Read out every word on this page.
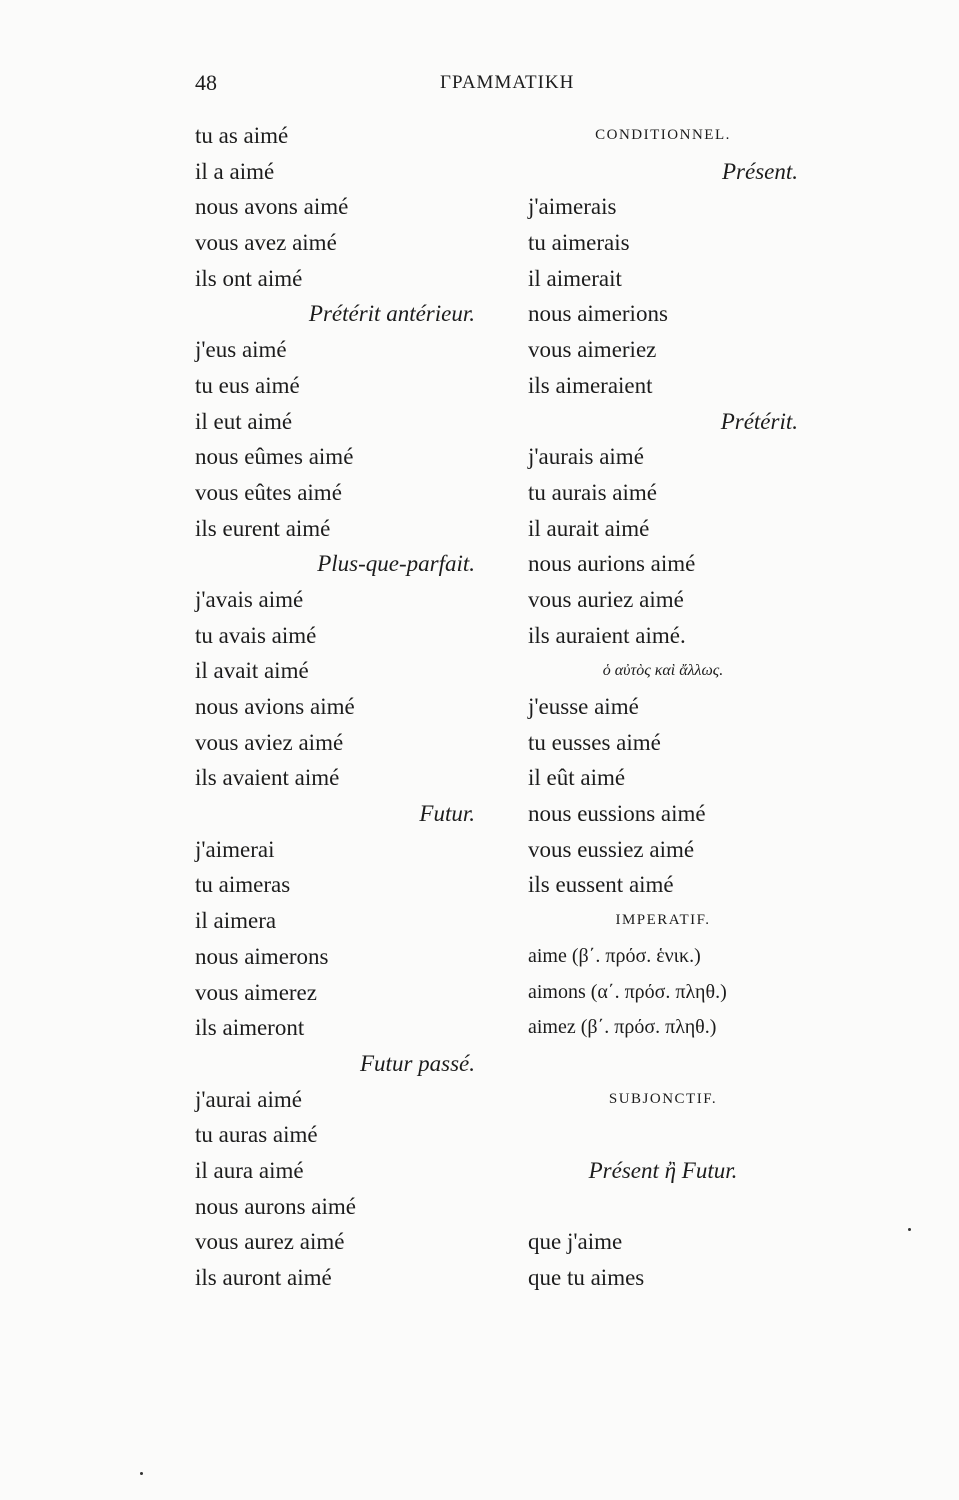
48	ΓΡΑΜΜΑΤΙΚΗ
tu as aimé
il a aimé
nous avons aimé
vous avez aimé
ils ont aimé
Prétérit antérieur.
j'eus aimé
tu eus aimé
il eut aimé
nous eûmes aimé
vous eûtes aimé
ils eurent aimé
Plus-que-parfait.
j'avais aimé
tu avais aimé
il avait aimé
nous avions aimé
vous aviez aimé
ils avaient aimé
Futur.
j'aimerai
tu aimeras
il aimera
nous aimerons
vous aimerez
ils aimeront
Futur passé.
j'aurai aimé
tu auras aimé
il aura aimé
nous aurons aimé
vous aurez aimé
ils auront aimé
CONDITIONNEL.
Présent.
j'aimerais
tu aimerais
il aimerait
nous aimerions
vous aimeriez
ils aimeraient
Prétérit.
j'aurais aimé
tu aurais aimé
il aurait aimé
nous aurions aimé
vous auriez aimé
ils auraient aimé.
ὁ αὐτὸς καὶ ἄλλως.
j'eusse aimé
tu eusses aimé
il eût aimé
nous eussions aimé
vous eussiez aimé
ils eussent aimé
IMPERATIF.
aime (β΄. πρόσ. ἑνικ.)
aimons (α΄. πρόσ. πληθ.)
aimez (β΄. πρόσ. πληθ.)
SUBJONCTIF.
Présent ἢ Futur.
que j'aime
que tu aimes
